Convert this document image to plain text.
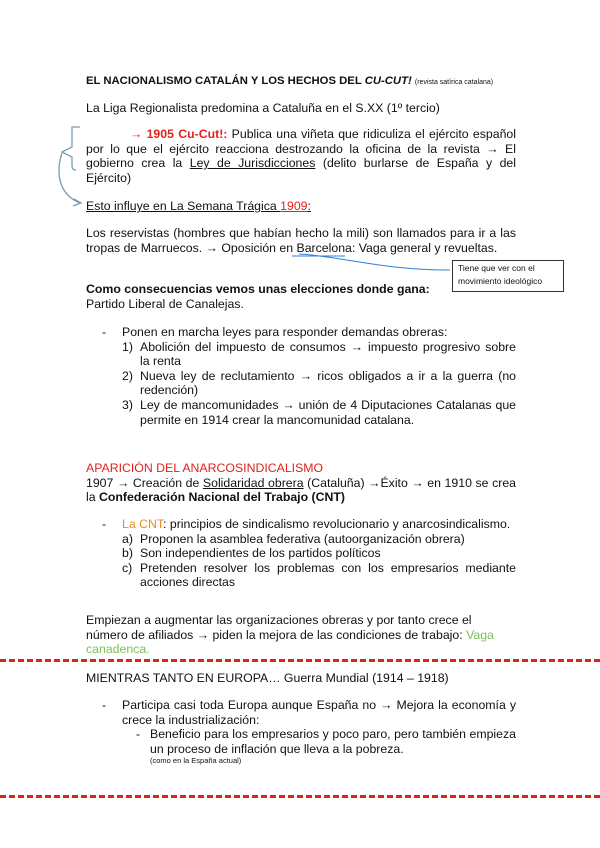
EL NACIONALISMO CATALÁN Y LOS HECHOS DEL CU-CUT! (revista satírica catalana)
La Liga Regionalista predomina a Cataluña en el S.XX (1º tercio)
→ 1905 Cu-Cut!: Publica una viñeta que ridiculiza el ejército español por lo que el ejército reacciona destrozando la oficina de la revista → El gobierno crea la Ley de Jurisdicciones (delito burlarse de España y del Ejército)
Esto influye en La Semana Trágica 1909:
Los reservistas (hombres que habían hecho la mili) son llamados para ir a las tropas de Marruecos. → Oposición en Barcelona: Vaga general y revueltas.
Tiene que ver con el
movimiento ideológico
Como consecuencias vemos unas elecciones donde gana:
Partido Liberal de Canalejas.
- Ponen en marcha leyes para responder demandas obreras:
1) Abolición del impuesto de consumos → impuesto progresivo sobre la renta
2) Nueva ley de reclutamiento → ricos obligados a ir a la guerra (no redención)
3) Ley de mancomunidades → unión de 4 Diputaciones Catalanas que permite en 1914 crear la mancomunidad catalana.
APARICIÓN DEL ANARCOSINDICALISMO
1907 → Creación de Solidaridad obrera (Cataluña) →Éxito → en 1910 se crea la Confederación Nacional del Trabajo (CNT)
- La CNT: principios de sindicalismo revolucionario y anarcosindicalismo.
a) Proponen la asamblea federativa (autoorganización obrera)
b) Son independientes de los partidos políticos
c) Pretenden resolver los problemas con los empresarios mediante acciones directas
Empiezan a augmentar las organizaciones obreras y por tanto crece el número de afiliados → piden la mejora de las condiciones de trabajo: Vaga canadenca.
MIENTRAS TANTO EN EUROPA… Guerra Mundial (1914 – 1918)
- Participa casi toda Europa aunque España no → Mejora la economía y crece la industrialización:
- Beneficio para los empresarios y poco paro, pero también empieza un proceso de inflación que lleva a la pobreza.
(como en la España actual)
